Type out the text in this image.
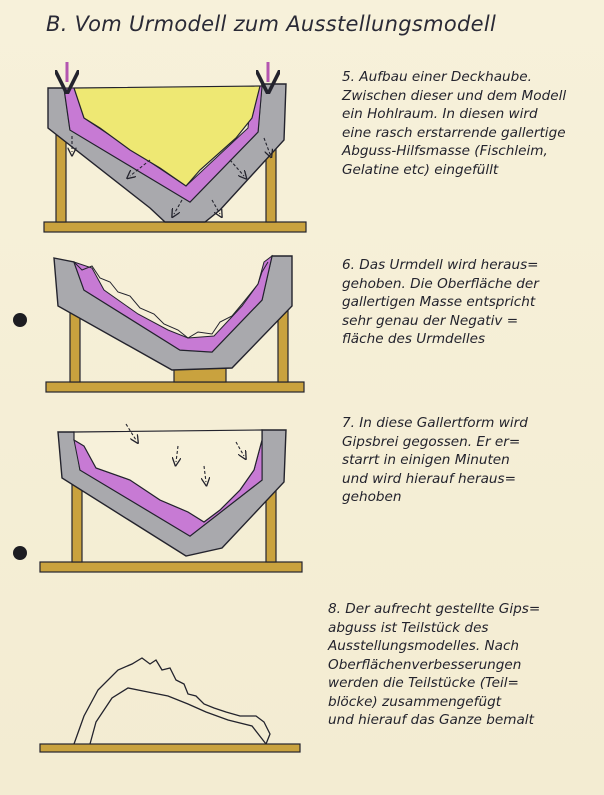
B. Vom Urmodell zum Ausstellungsmodell
5. Aufbau einer Deckhaube.
Zwischen dieser und dem Modell
ein Hohlraum. In diesen wird
eine rasch erstarrende gallertige
Abguss-Hilfsmasse (Fischleim,
Gelatine etc) eingefüllt
6. Das Urmdell wird heraus=
gehoben. Die Oberfläche der
gallertigen Masse entspricht
sehr genau der Negativ =
fläche des Urmdelles
7. In diese Gallertform wird
Gipsbrei gegossen. Er er=
starrt in einigen Minuten
und wird hierauf heraus=
gehoben
8. Der aufrecht gestellte Gips=
abguss ist Teilstück des
Ausstellungsmodelles. Nach
Oberflächenverbesserungen
werden die Teilstücke (Teil=
blöcke) zusammengefügt
und hierauf das Ganze bemalt
